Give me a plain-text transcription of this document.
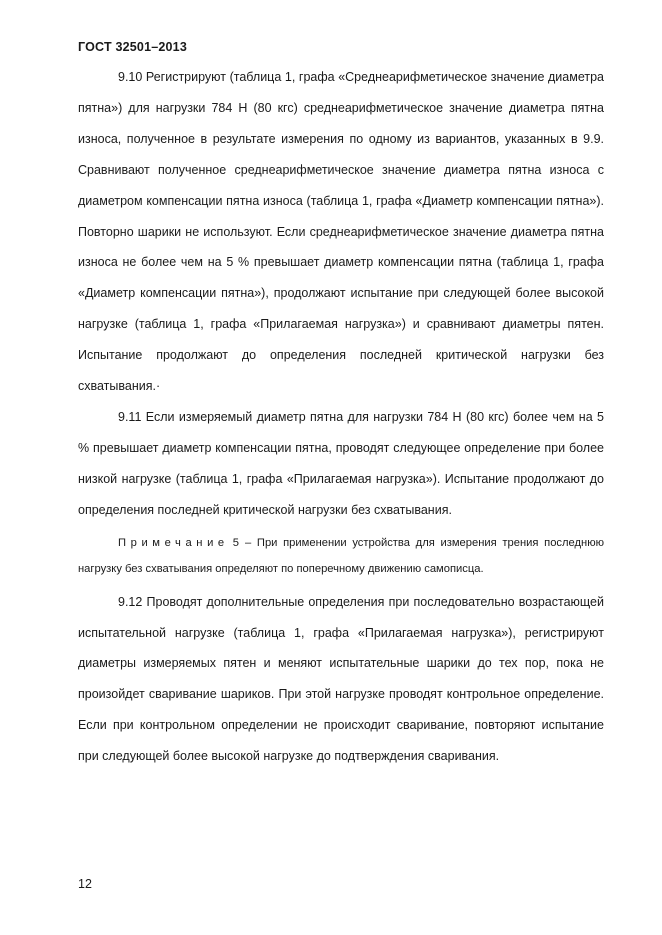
ГОСТ 32501–2013

9.10 Регистрируют (таблица 1, графа «Среднеарифметическое значение диаметра пятна») для нагрузки 784 Н (80 кгс) среднеарифметическое значение диаметра пятна износа, полученное в результате измерения по одному из вариантов, указанных в 9.9. Сравнивают полученное среднеарифметическое значение диаметра пятна износа с диаметром компенсации пятна износа (таблица 1, графа «Диаметр компенсации пятна»). Повторно шарики не используют. Если среднеарифметическое значение диаметра пятна износа не более чем на 5 % превышает диаметр компенсации пятна (таблица 1, графа «Диаметр компенсации пятна»), продолжают испытание при следующей более высокой нагрузке (таблица 1, графа «Прилагаемая нагрузка») и сравнивают диаметры пятен. Испытание продолжают до определения последней критической нагрузки без схватывания.·

9.11 Если измеряемый диаметр пятна для нагрузки 784 Н (80 кгс) более чем на 5 % превышает диаметр компенсации пятна, проводят следующее определение при более низкой нагрузке (таблица 1, графа «Прилагаемая нагрузка»). Испытание продолжают до определения последней критической нагрузки без схватывания.

Примечание 5 – При применении устройства для измерения трения последнюю нагрузку без схватывания определяют по поперечному движению самописца.

9.12 Проводят дополнительные определения при последовательно возрастающей испытательной нагрузке (таблица 1, графа «Прилагаемая нагрузка»), регистрируют диаметры измеряемых пятен и меняют испытательные шарики до тех пор, пока не произойдет сваривание шариков. При этой нагрузке проводят контрольное определение. Если при контрольном определении не происходит сваривание, повторяют испытание при следующей более высокой нагрузке до подтверждения сваривания.

12
